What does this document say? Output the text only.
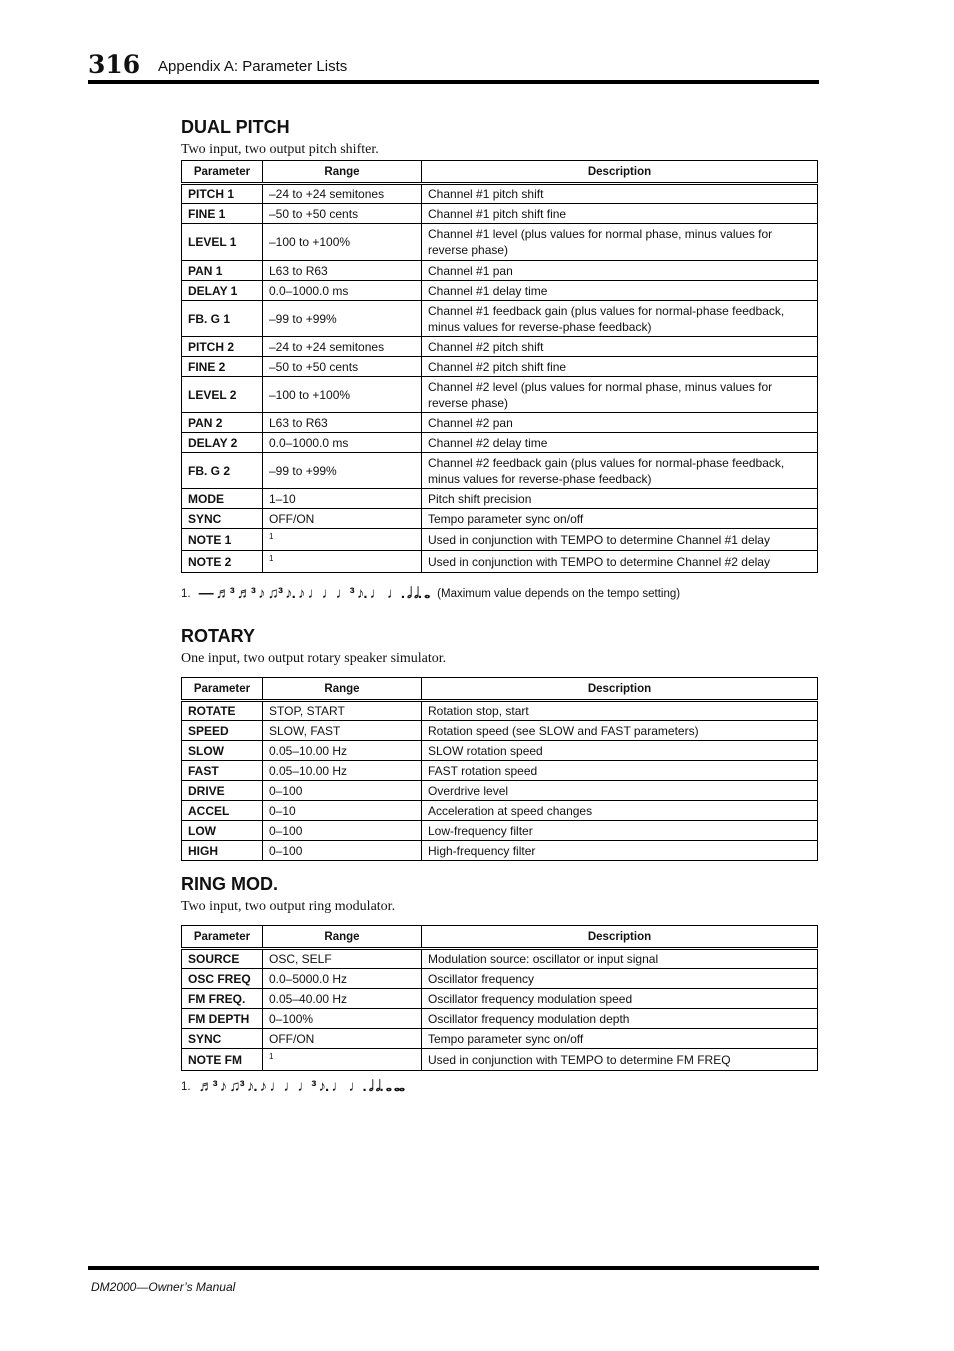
316 Appendix A: Parameter Lists
DUAL PITCH
Two input, two output pitch shifter.
Parameter	Range	Description
PITCH 1	–24 to +24 semitones	Channel #1 pitch shift
FINE 1	–50 to +50 cents	Channel #1 pitch shift fine
LEVEL 1	–100 to +100%	Channel #1 level (plus values for normal phase, minus values for reverse phase)
PAN 1	L63 to R63	Channel #1 pan
DELAY 1	0.0–1000.0 ms	Channel #1 delay time
FB. G 1	–99 to +99%	Channel #1 feedback gain (plus values for normal-phase feedback, minus values for reverse-phase feedback)
PITCH 2	–24 to +24 semitones	Channel #2 pitch shift
FINE 2	–50 to +50 cents	Channel #2 pitch shift fine
LEVEL 2	–100 to +100%	Channel #2 level (plus values for normal phase, minus values for reverse phase)
PAN 2	L63 to R63	Channel #2 pan
DELAY 2	0.0–1000.0 ms	Channel #2 delay time
FB. G 2	–99 to +99%	Channel #2 feedback gain (plus values for normal-phase feedback, minus values for reverse-phase feedback)
MODE	1–10	Pitch shift precision
SYNC	OFF/ON	Tempo parameter sync on/off
NOTE 1	$^1$	Used in conjunction with TEMPO to determine Channel #1 delay
NOTE 2	$^1$	Used in conjunction with TEMPO to determine Channel #2 delay
1. — ♬³ ♬³ ♪ ♫³ ♪. ♪ ♩♩♩³ ♪. ♩ ♩. 𝅗𝅥 𝅗𝅥. 𝅝 (Maximum value depends on the tempo setting)
ROTARY
One input, two output rotary speaker simulator.
Parameter	Range	Description
ROTATE	STOP, START	Rotation stop, start
SPEED	SLOW, FAST	Rotation speed (see SLOW and FAST parameters)
SLOW	0.05–10.00 Hz	SLOW rotation speed
FAST	0.05–10.00 Hz	FAST rotation speed
DRIVE	0–100	Overdrive level
ACCEL	0–10	Acceleration at speed changes
LOW	0–100	Low-frequency filter
HIGH	0–100	High-frequency filter
RING MOD.
Two input, two output ring modulator.
Parameter	Range	Description
SOURCE	OSC, SELF	Modulation source: oscillator or input signal
OSC FREQ	0.0–5000.0 Hz	Oscillator frequency
FM FREQ.	0.05–40.00 Hz	Oscillator frequency modulation speed
FM DEPTH	0–100%	Oscillator frequency modulation depth
SYNC	OFF/ON	Tempo parameter sync on/off
NOTE FM	$^1$	Used in conjunction with TEMPO to determine FM FREQ
1. ♬³ ♪ ♫³ ♪. ♪ ♩♩♩³ ♪. ♩ ♩. 𝅗𝅥 𝅗𝅥. 𝅝 𝅝𝅝
DM2000—Owner’s Manual
